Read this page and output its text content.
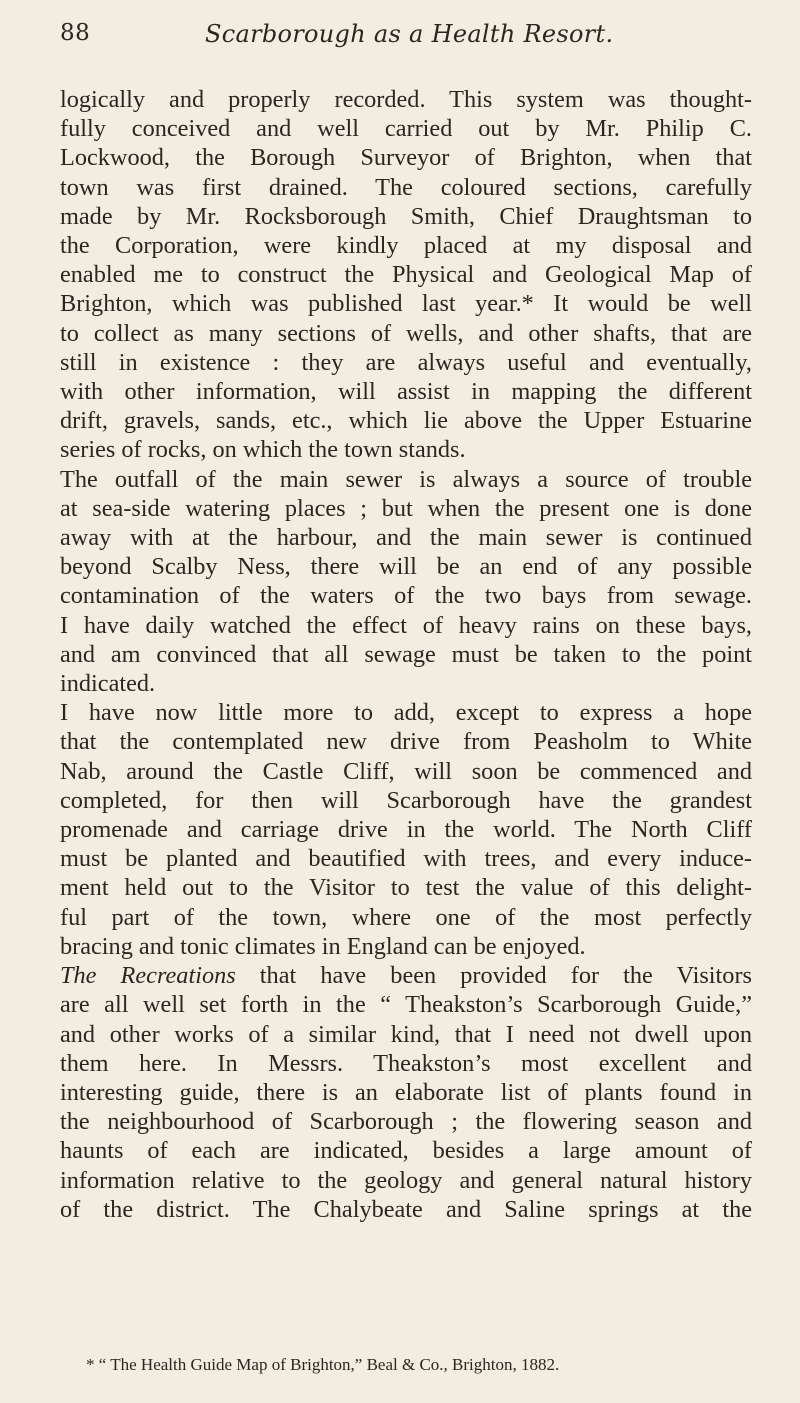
88	Scarborough as a Health Resort.
logically and properly recorded. This system was thought-
fully conceived and well carried out by Mr. Philip C.
Lockwood, the Borough Surveyor of Brighton, when that
town was first drained. The coloured sections, carefully
made by Mr. Rocksborough Smith, Chief Draughtsman to
the Corporation, were kindly placed at my disposal and
enabled me to construct the Physical and Geological Map of
Brighton, which was published last year.* It would be well
to collect as many sections of wells, and other shafts, that are
still in existence : they are always useful and eventually,
with other information, will assist in mapping the different
drift, gravels, sands, etc., which lie above the Upper Estuarine
series of rocks, on which the town stands.
The outfall of the main sewer is always a source of trouble
at sea-side watering places ; but when the present one is done
away with at the harbour, and the main sewer is continued
beyond Scalby Ness, there will be an end of any possible
contamination of the waters of the two bays from sewage.
I have daily watched the effect of heavy rains on these bays,
and am convinced that all sewage must be taken to the point
indicated.
I have now little more to add, except to express a hope
that the contemplated new drive from Peasholm to White
Nab, around the Castle Cliff, will soon be commenced and
completed, for then will Scarborough have the grandest
promenade and carriage drive in the world. The North Cliff
must be planted and beautified with trees, and every induce-
ment held out to the Visitor to test the value of this delight-
ful part of the town, where one of the most perfectly
bracing and tonic climates in England can be enjoyed.
The Recreations that have been provided for the Visitors
are all well set forth in the “ Theakston’s Scarborough Guide,”
and other works of a similar kind, that I need not dwell upon
them here. In Messrs. Theakston’s most excellent and
interesting guide, there is an elaborate list of plants found in
the neighbourhood of Scarborough ; the flowering season and
haunts of each are indicated, besides a large amount of
information relative to the geology and general natural history
of the district. The Chalybeate and Saline springs at the
* “ The Health Guide Map of Brighton,” Beal & Co., Brighton, 1882.
